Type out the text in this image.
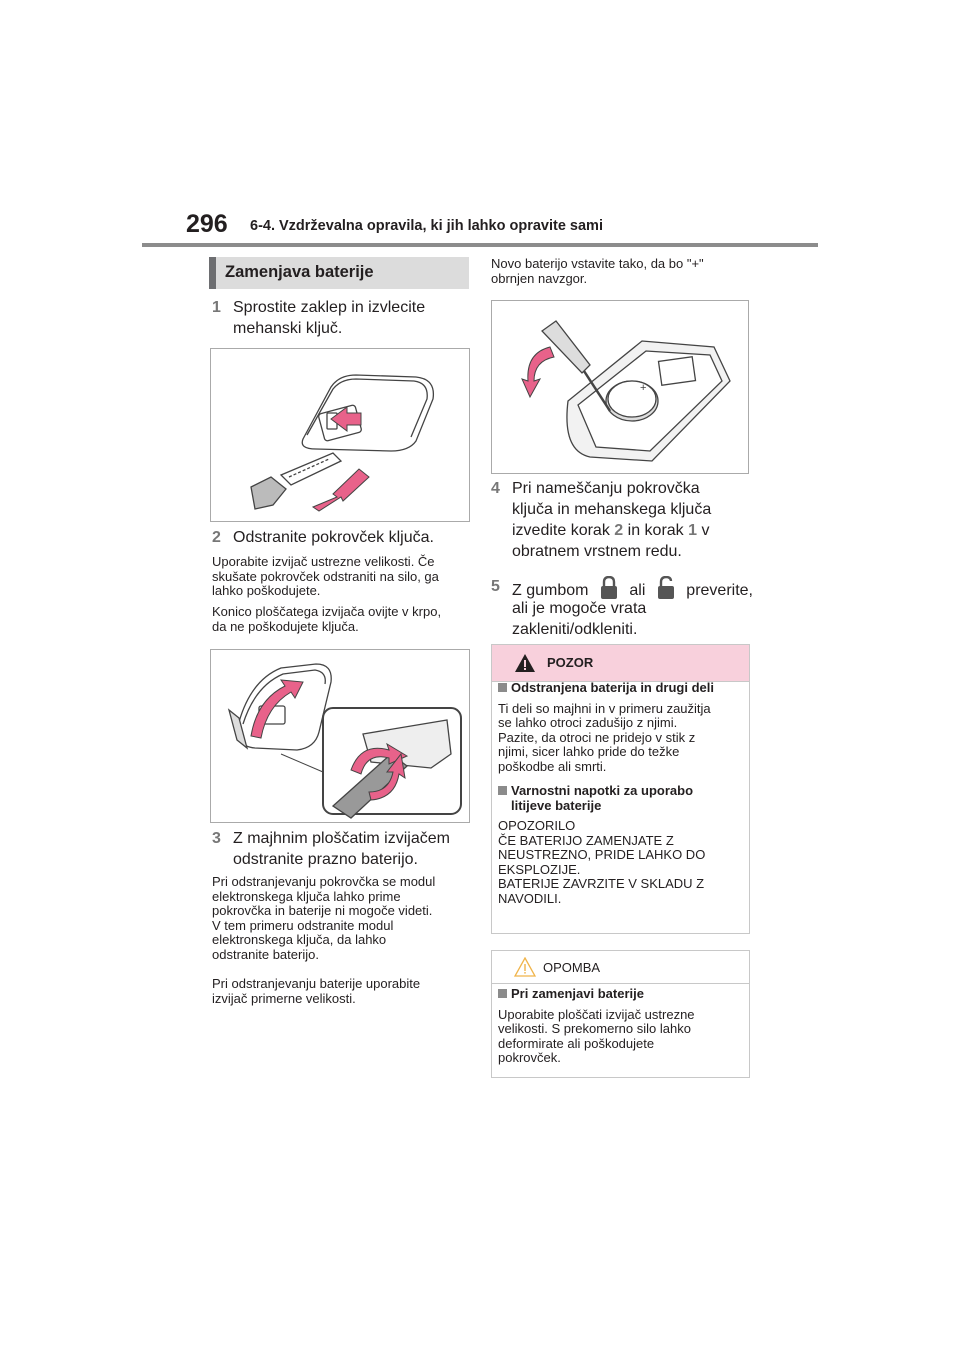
296 6-4. Vzdrževalna opravila, ki jih lahko opravite sami
Zamenjava baterije
1 Sprostite zaklep in izvlecite
mehanski ključ.
2 Odstranite pokrovček ključa.
Uporabite izvijač ustrezne velikosti. Če
skušate pokrovček odstraniti na silo, ga
lahko poškodujete.
Konico ploščatega izvijača ovijte v krpo,
da ne poškodujete ključa.
3 Z majhnim ploščatim izvijačem
odstranite prazno baterijo.
Pri odstranjevanju pokrovčka se modul
elektronskega ključa lahko prime
pokrovčka in baterije ni mogoče videti.
V tem primeru odstranite modul
elektronskega ključa, da lahko
odstranite baterijo.
Pri odstranjevanju baterije uporabite
izvijač primerne velikosti.
Novo baterijo vstavite tako, da bo "+"
obrnjen navzgor.
+
4 Pri nameščanju pokrovčka
ključa in mehanskega ključa
izvedite korak 2 in korak 1 v
obratnem vrstnem redu.
5 Z gumbom	ali	preverite,
ali je mogoče vrata
zakleniti/odkleniti.
POZOR
Odstranjena baterija in drugi deli
Ti deli so majhni in v primeru zaužitja
se lahko otroci zadušijo z njimi.
Pazite, da otroci ne pridejo v stik z
njimi, sicer lahko pride do težke
poškodbe ali smrti.
Varnostni napotki za uporabo
litijeve baterije
OPOZORILO
ČE BATERIJO ZAMENJATE Z
NEUSTREZNO, PRIDE LAHKO DO
EKSPLOZIJE.
BATERIJE ZAVRZITE V SKLADU Z
NAVODILI.
OPOMBA
Pri zamenjavi baterije
Uporabite ploščati izvijač ustrezne
velikosti. S prekomerno silo lahko
deformirate ali poškodujete
pokrovček.
